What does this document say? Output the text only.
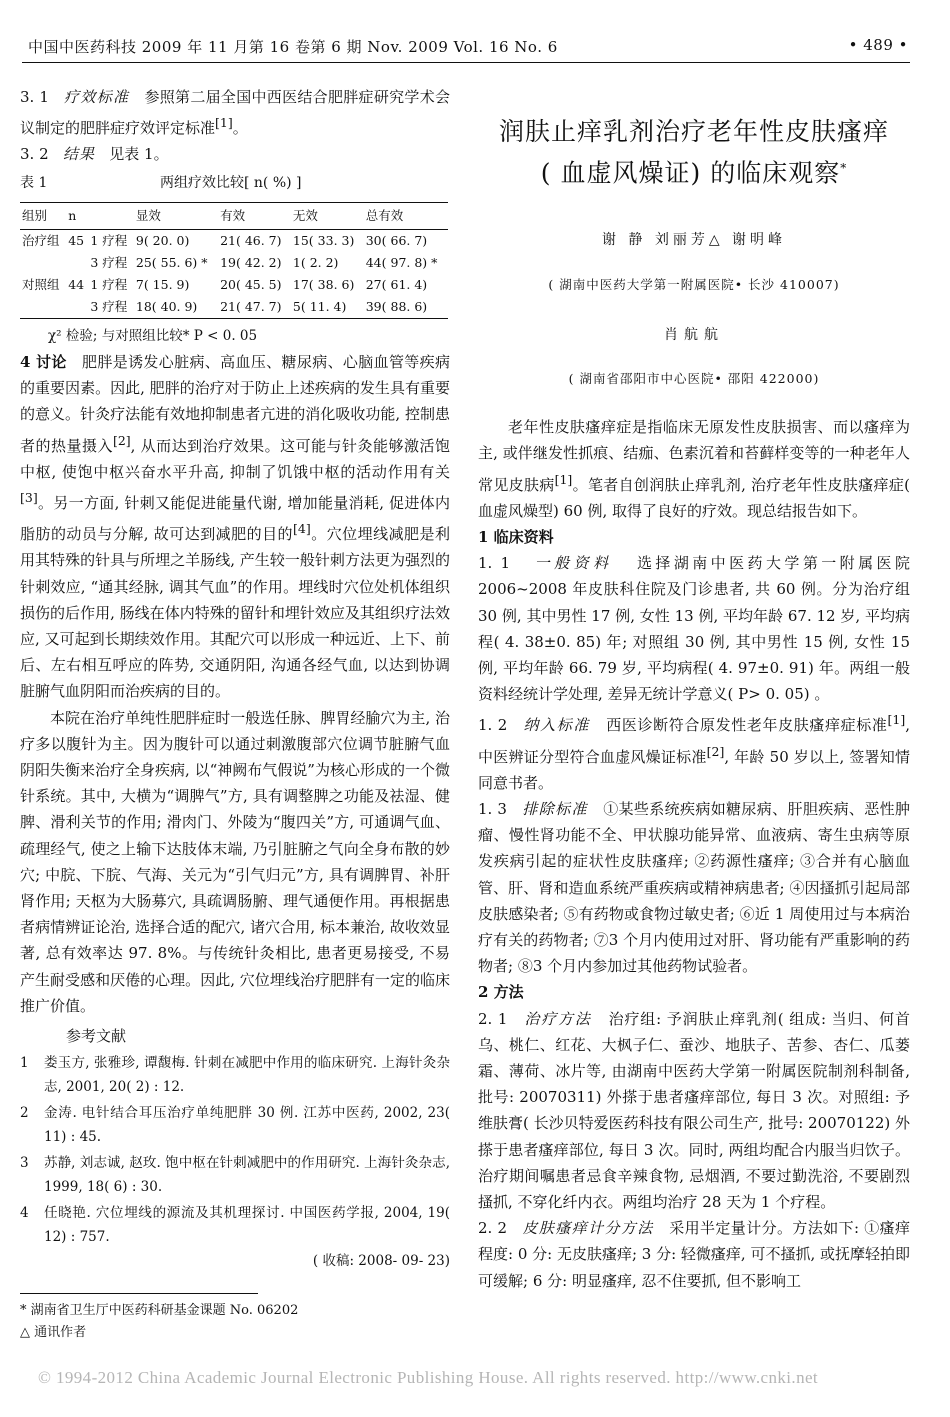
中国中医药科技 2009 年 11 月第 16 卷第 6 期 Nov. 2009 Vol. 16 No. 6	• 489 •

3. 1 疗效标准 参照第二届全国中西医结合肥胖症研究学术会议制定的肥胖症疗效评定标准[1]。

3. 2 结果 见表 1。

表 1	两组疗效比较[ n( %) ]
组别	n		显效	有效	无效	总有效
治疗组	45	1 疗程	9( 20. 0)	21( 46. 7)	15( 33. 3)	30( 66. 7)
		3 疗程	25( 55. 6) *	19( 42. 2)	1( 2. 2)	44( 97. 8) *
对照组	44	1 疗程	7( 15. 9)	20( 45. 5)	17( 38. 6)	27( 61. 4)
		3 疗程	18( 40. 9)	21( 47. 7)	5( 11. 4)	39( 88. 6)
χ² 检验; 与对照组比较* P < 0. 05

4 讨论 肥胖是诱发心脏病、高血压、糖尿病、心脑血管等疾病的重要因素。因此, 肥胖的治疗对于防止上述疾病的发生具有重要的意义。针灸疗法能有效地抑制患者亢进的消化吸收功能, 控制患者的热量摄入[2], 从而达到治疗效果。这可能与针灸能够激活饱中枢, 使饱中枢兴奋水平升高, 抑制了饥饿中枢的活动作用有关[3]。另一方面, 针刺又能促进能量代谢, 增加能量消耗, 促进体内脂肪的动员与分解, 故可达到减肥的目的[4]。穴位埋线减肥是利用其特殊的针具与所埋之羊肠线, 产生较一般针刺方法更为强烈的针刺效应, “通其经脉, 调其气血”的作用。埋线时穴位处机体组织损伤的后作用, 肠线在体内特殊的留针和埋针效应及其组织疗法效应, 又可起到长期续效作用。其配穴可以形成一种远近、上下、前后、左右相互呼应的阵势, 交通阴阳, 沟通各经气血, 以达到协调脏腑气血阴阳而治疾病的目的。

本院在治疗单纯性肥胖症时一般选任脉、脾胃经腧穴为主, 治疗多以腹针为主。因为腹针可以通过刺激腹部穴位调节脏腑气血阴阳失衡来治疗全身疾病, 以“神阙布气假说”为核心形成的一个微针系统。其中, 大横为“调脾气”方, 具有调整脾之功能及祛湿、健脾、滑利关节的作用; 滑肉门、外陵为“腹四关”方, 可通调气血、疏理经气, 使之上输下达肢体末端, 乃引脏腑之气向全身布散的妙穴; 中脘、下脘、气海、关元为“引气归元”方, 具有调脾胃、补肝肾作用; 天枢为大肠募穴, 具疏调肠腑、理气通便作用。再根据患者病情辨证论治, 选择合适的配穴, 诸穴合用, 标本兼治, 故收效显著, 总有效率达 97. 8%。与传统针灸相比, 患者更易接受, 不易产生耐受感和厌倦的心理。因此, 穴位埋线治疗肥胖有一定的临床推广价值。

参考文献
1	娄玉方, 张雅珍, 谭馥梅. 针刺在减肥中作用的临床研究. 上海针灸杂志, 2001, 20( 2) : 12.
2	金涛. 电针结合耳压治疗单纯肥胖 30 例. 江苏中医药, 2002, 23( 11) : 45.
3	苏静, 刘志诚, 赵玫. 饱中枢在针刺减肥中的作用研究. 上海针灸杂志, 1999, 18( 6) : 30.
4	任晓艳. 穴位埋线的源流及其机理探讨. 中国医药学报, 2004, 19( 12) : 757.
( 收稿: 2008- 09- 23)
* 湖南省卫生厅中医药科研基金课题 No. 06202
△ 通讯作者
润肤止痒乳剂治疗老年性皮肤瘙痒
( 血虚风燥证) 的临床观察*
谢 静 刘丽芳△ 谢明峰
( 湖南中医药大学第一附属医院• 长沙 410007)
肖航航
( 湖南省邵阳市中心医院• 邵阳 422000)

老年性皮肤瘙痒症是指临床无原发性皮肤损害、而以瘙痒为主, 或伴继发性抓痕、结痂、色素沉着和苔藓样变等的一种老年人常见皮肤病[1]。笔者自创润肤止痒乳剂, 治疗老年性皮肤瘙痒症( 血虚风燥型) 60 例, 取得了良好的疗效。现总结报告如下。

1 临床资料

1. 1 一般资料 选择湖南中医药大学第一附属医院 2006~2008 年皮肤科住院及门诊患者, 共 60 例。分为治疗组 30 例, 其中男性 17 例, 女性 13 例, 平均年龄 67. 12 岁, 平均病程( 4. 38±0. 85) 年; 对照组 30 例, 其中男性 15 例, 女性 15 例, 平均年龄 66. 79 岁, 平均病程( 4. 97±0. 91) 年。两组一般资料经统计学处理, 差异无统计学意义( P> 0. 05) 。

1. 2 纳入标准 西医诊断符合原发性老年皮肤瘙痒症标准[1], 中医辨证分型符合血虚风燥证标准[2], 年龄 50 岁以上, 签署知情同意书者。

1. 3 排除标准 ①某些系统疾病如糖尿病、肝胆疾病、恶性肿瘤、慢性肾功能不全、甲状腺功能异常、血液病、寄生虫病等原发疾病引起的症状性皮肤瘙痒; ②药源性瘙痒; ③合并有心脑血管、肝、肾和造血系统严重疾病或精神病患者; ④因搔抓引起局部皮肤感染者; ⑤有药物或食物过敏史者; ⑥近 1 周使用过与本病治疗有关的药物者; ⑦3 个月内使用过对肝、肾功能有严重影响的药物者; ⑧3 个月内参加过其他药物试验者。

2 方法

2. 1 治疗方法 治疗组: 予润肤止痒乳剂( 组成: 当归、何首乌、桃仁、红花、大枫子仁、蚕沙、地肤子、苦参、杏仁、瓜蒌霜、薄荷、冰片等, 由湖南中医药大学第一附属医院制剂科制备, 批号: 20070311) 外搽于患者瘙痒部位, 每日 3 次。对照组: 予维肤膏( 长沙贝特爱医药科技有限公司生产, 批号: 20070122) 外搽于患者瘙痒部位, 每日 3 次。同时, 两组均配合内服当归饮子。治疗期间嘱患者忌食辛辣食物, 忌烟酒, 不要过勤洗浴, 不要剧烈搔抓, 不穿化纤内衣。两组均治疗 28 天为 1 个疗程。

2. 2 皮肤瘙痒计分方法 采用半定量计分。方法如下: ①瘙痒程度: 0 分: 无皮肤瘙痒; 3 分: 轻微瘙痒, 可不搔抓, 或抚摩轻拍即可缓解; 6 分: 明显瘙痒, 忍不住要抓, 但不影响工

© 1994-2012 China Academic Journal Electronic Publishing House. All rights reserved. http://www.cnki.net
